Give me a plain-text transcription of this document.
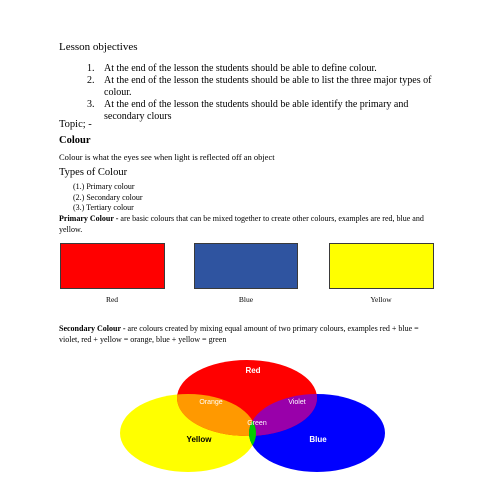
Lesson objectives
1. At the end of the lesson the students should be able to define colour.
2. At the end of the lesson the students should be able to list the three major types of colour.
3. At the end of the lesson the students should be able identify the primary and secondary clours
Topic; -
Colour
Colour is what the eyes see when light is reflected off an object
Types of Colour
(1.) Primary colour
(2.) Secondary colour
(3.) Tertiary colour
Primary Colour - are basic colours that can be mixed together to create other colours, examples are red, blue and yellow.
Red	Blue	Yellow
Secondary Colour - are colours created by mixing equal amount of two primary colours, examples red + blue = violet, red + yellow = orange, blue + yellow = green
Red
Orange	Violet
Green
Yellow	Blue
